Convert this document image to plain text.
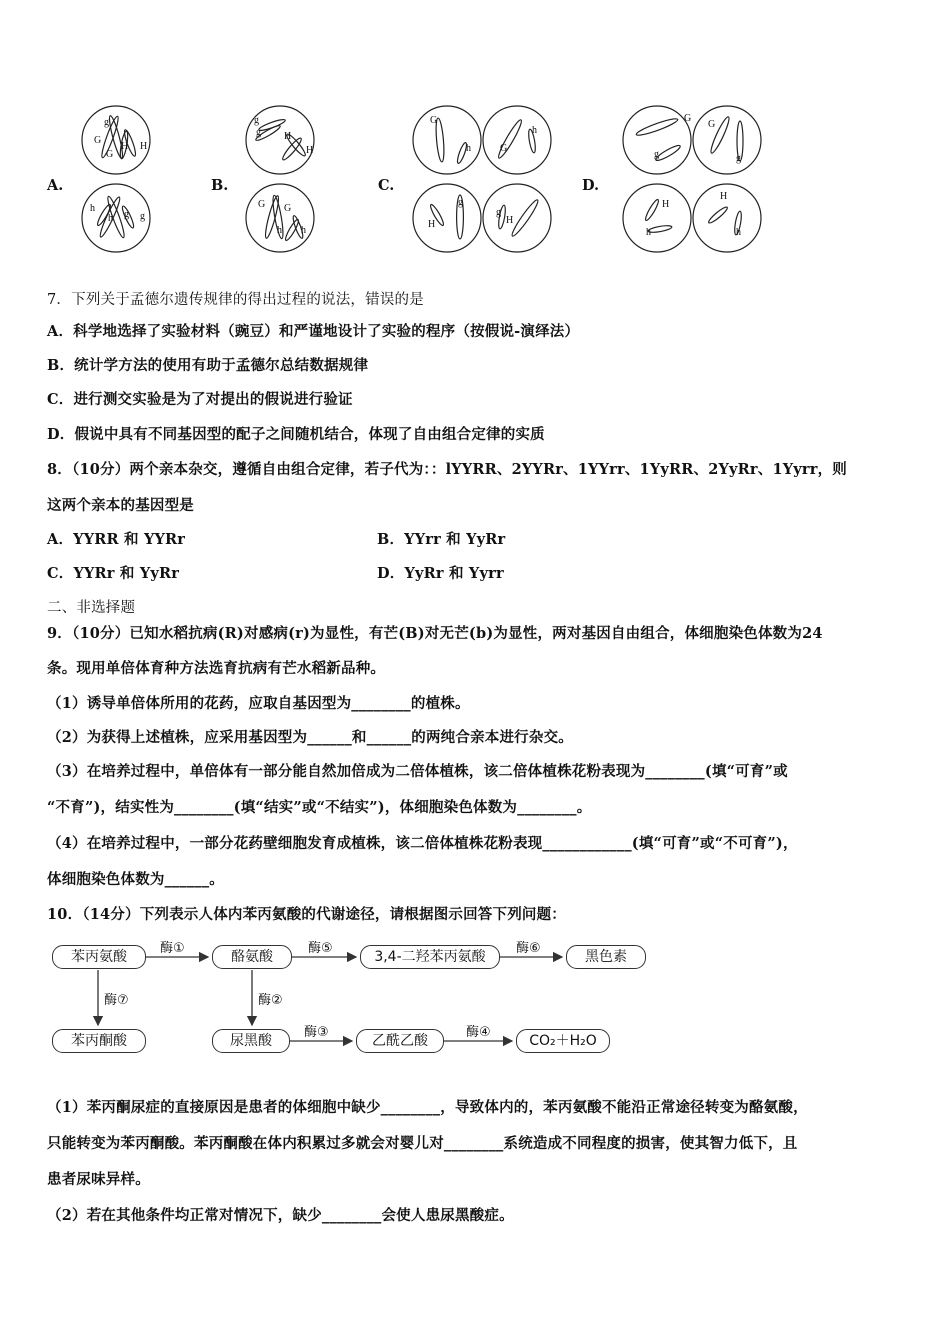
A.	B.	C.	D.
G
g
G
H H
h
h g g
g
g H
H
G G
h h
G
h	G
h
H
g
g
H
G
g	g
G
H
h
H
h
7．下列关于孟德尔遗传规律的得出过程的说法，错误的是
A．科学地选择了实验材料（豌豆）和严谨地设计了实验的程序（按假说-演绎法）
B．统计学方法的使用有助于孟德尔总结数据规律
C．进行测交实验是为了对提出的假说进行验证
D．假说中具有不同基因型的配子之间随机结合，体现了自由组合定律的实质
8．（10分）两个亲本杂交，遵循自由组合定律，若子代为：：lYYRR、2YYRr、1YYrr、1YyRR、2YyRr、1Yyrr，则
这两个亲本的基因型是
A．YYRR 和 YYRr	B．YYrr 和 YyRr
C．YYRr 和 YyRr	D．YyRr 和 Yyrr
二、非选择题
9．（10分）已知水稻抗病(R)对感病(r)为显性，有芒(B)对无芒(b)为显性，两对基因自由组合，体细胞染色体数为24
条。现用单倍体育种方法选育抗病有芒水稻新品种。
（1）诱导单倍体所用的花药，应取自基因型为________的植株。
（2）为获得上述植株，应采用基因型为______和______的两纯合亲本进行杂交。
（3）在培养过程中，单倍体有一部分能自然加倍成为二倍体植株，该二倍体植株花粉表现为________(填“可育”或
“不育”)，结实性为________(填“结实”或“不结实”)，体细胞染色体数为________。
（4）在培养过程中，一部分花药壁细胞发育成植株，该二倍体植株花粉表现____________(填“可育”或“不可育”)，
体细胞染色体数为______。
10．（14分）下列表示人体内苯丙氨酸的代谢途径，请根据图示回答下列问题：
苯丙氨酸	酪氨酸	3,4-二羟苯丙氨酸	黑色素
苯丙酮酸	尿黑酸	乙酰乙酸	CO₂＋H₂O
酶①	酶⑤	酶⑥
酶⑦	酶②
酶③	酶④
（1）苯丙酮尿症的直接原因是患者的体细胞中缺少________，导致体内的，苯丙氨酸不能沿正常途径转变为酪氨酸，
只能转变为苯丙酮酸。苯丙酮酸在体内积累过多就会对婴儿对________系统造成不同程度的损害，使其智力低下，且
患者尿味异样。
（2）若在其他条件均正常对情况下，缺少________会使人患尿黑酸症。
